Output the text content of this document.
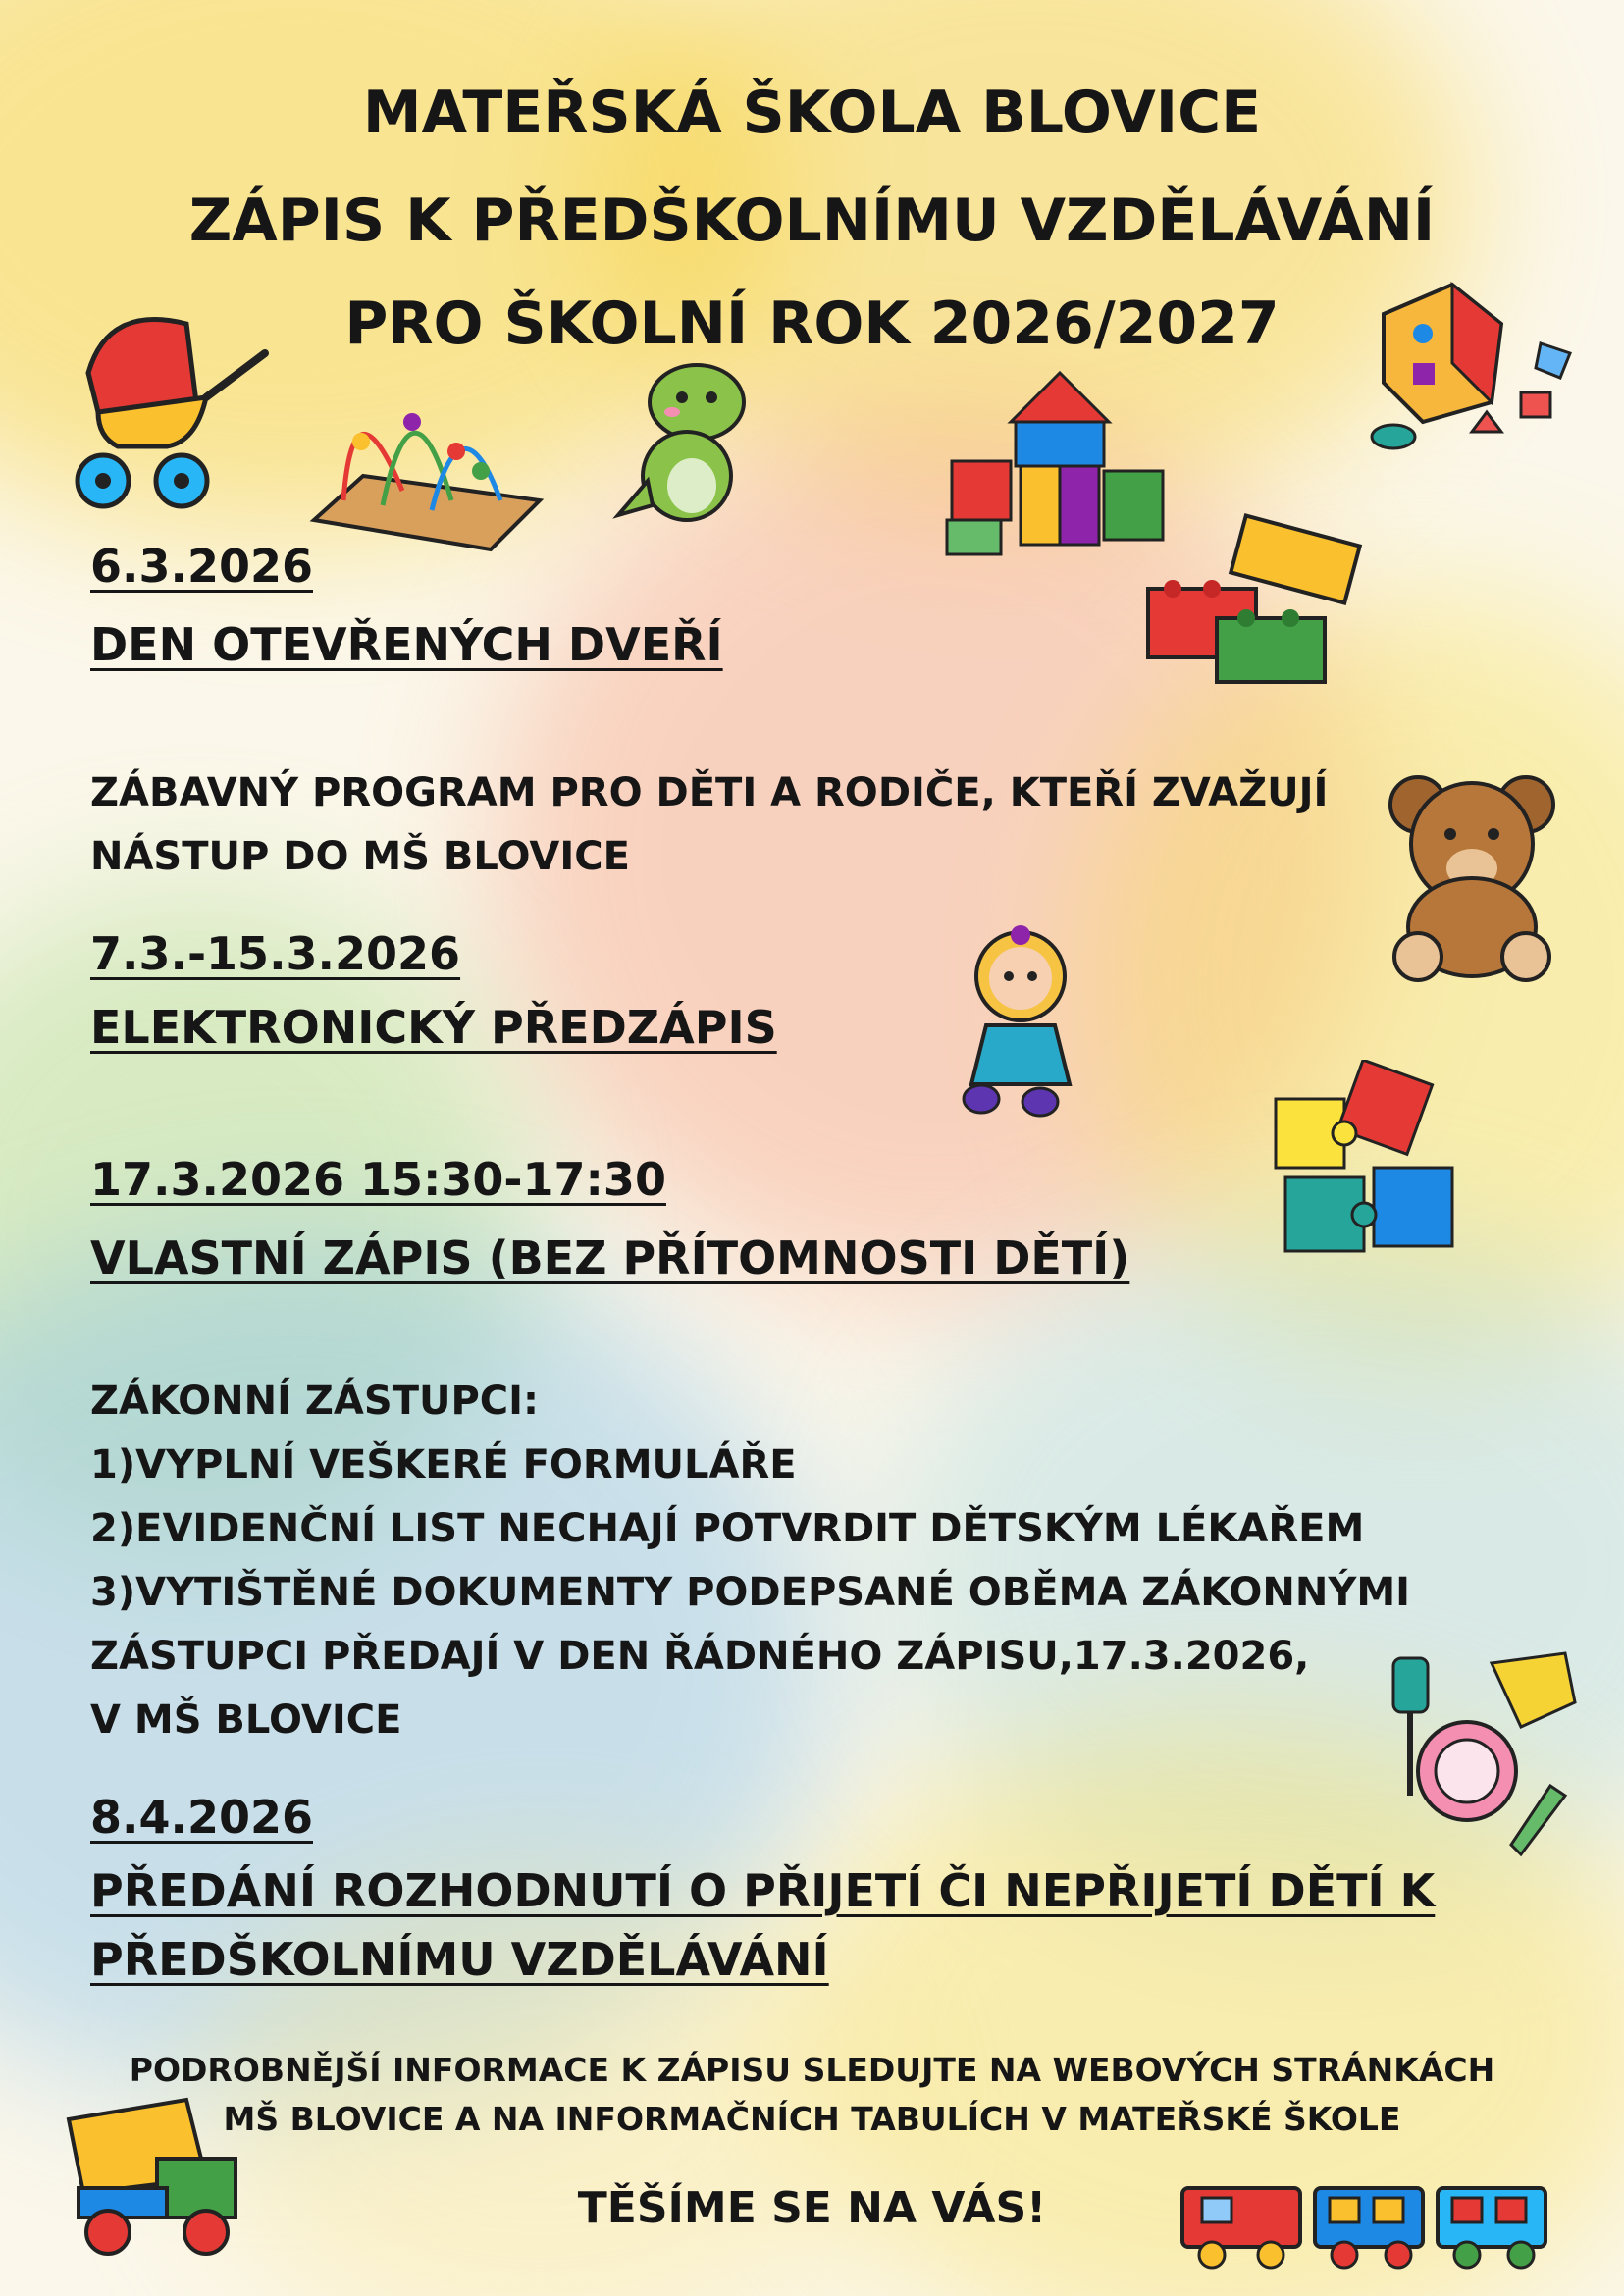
MATEŘSKÁ ŠKOLA BLOVICE

ZÁPIS K PŘEDŠKOLNÍMU VZDĚLÁVÁNÍ

PRO ŠKOLNÍ ROK 2026/2027

6.3.2026

DEN OTEVŘENÝCH DVEŘÍ

ZÁBAVNÝ PROGRAM PRO DĚTI A RODIČE, KTEŘÍ ZVAŽUJÍ

NÁSTUP DO MŠ BLOVICE

7.3.-15.3.2026

ELEKTRONICKÝ PŘEDZÁPIS

17.3.2026 15:30-17:30

VLASTNÍ ZÁPIS (BEZ PŘÍTOMNOSTI DĚTÍ)

ZÁKONNÍ ZÁSTUPCI:

1)VYPLNÍ VEŠKERÉ FORMULÁŘE

2)EVIDENČNÍ LIST NECHAJÍ POTVRDIT DĚTSKÝM LÉKAŘEM

3)VYTIŠTĚNÉ DOKUMENTY PODEPSANÉ OBĚMA ZÁKONNÝMI

ZÁSTUPCI PŘEDAJÍ V DEN ŘÁDNÉHO ZÁPISU,17.3.2026,

V MŠ BLOVICE

8.4.2026

PŘEDÁNÍ ROZHODNUTÍ O PŘIJETÍ ČI NEPŘIJETÍ DĚTÍ K

PŘEDŠKOLNÍMU VZDĚLÁVÁNÍ

PODROBNĚJŠÍ INFORMACE K ZÁPISU SLEDUJTE NA WEBOVÝCH STRÁNKÁCH

MŠ BLOVICE A NA INFORMAČNÍCH TABULÍCH V MATEŘSKÉ ŠKOLE

TĚŠÍME SE NA VÁS!
